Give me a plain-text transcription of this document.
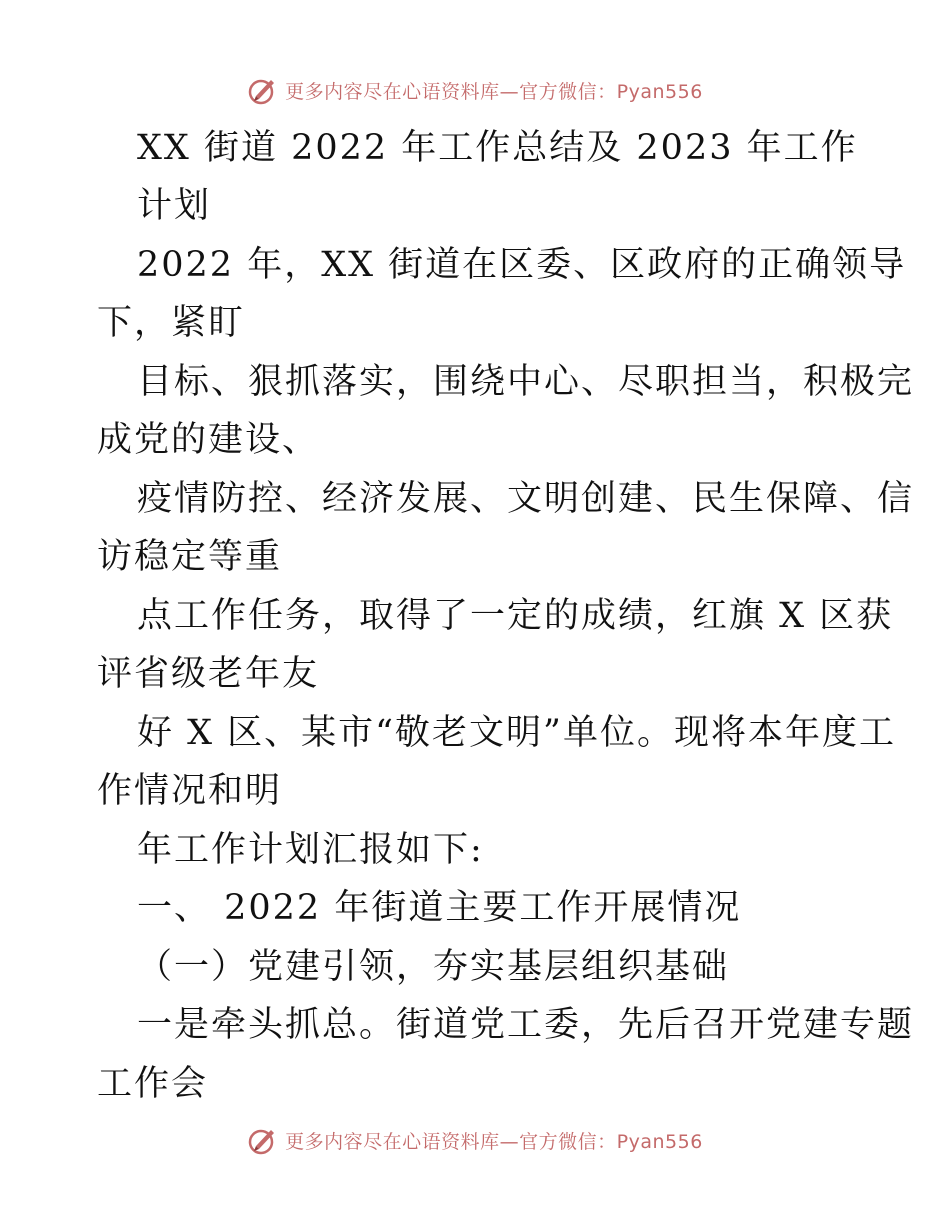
更多内容尽在心语资料库—官方微信：Pyan556
XX 街道 2022 年工作总结及 2023 年工作
计划
2022 年，XX 街道在区委、区政府的正确领导
下，紧盯
目标、狠抓落实，围绕中心、尽职担当，积极完
成党的建设、
疫情防控、经济发展、文明创建、民生保障、信
访稳定等重
点工作任务，取得了一定的成绩，红旗 X 区获
评省级老年友
好 X 区、某市“敬老文明”单位。现将本年度工
作情况和明
年工作计划汇报如下:
一、 2022 年街道主要工作开展情况
（一）党建引领，夯实基层组织基础
一是牵头抓总。街道党工委，先后召开党建专题
工作会
更多内容尽在心语资料库—官方微信：Pyan556
